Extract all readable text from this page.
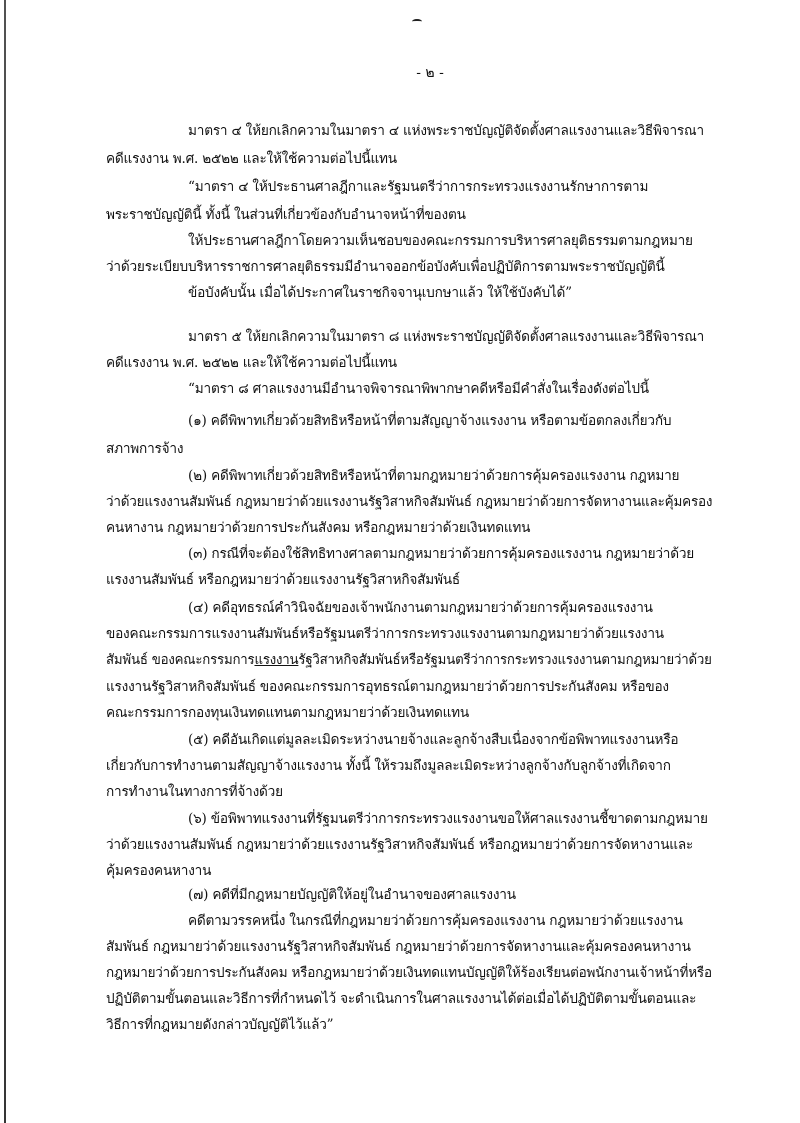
- ๒ -
มาตรา ๔ ให้ยกเลิกความในมาตรา ๔ แห่งพระราชบัญญัติจัดตั้งศาลแรงงานและวิธีพิจารณา
คดีแรงงาน พ.ศ. ๒๕๒๒ และให้ใช้ความต่อไปนี้แทน
“มาตรา ๔ ให้ประธานศาลฎีกาและรัฐมนตรีว่าการกระทรวงแรงงานรักษาการตาม
พระราชบัญญัตินี้ ทั้งนี้ ในส่วนที่เกี่ยวข้องกับอำนาจหน้าที่ของตน
ให้ประธานศาลฎีกาโดยความเห็นชอบของคณะกรรมการบริหารศาลยุติธรรมตามกฎหมาย
ว่าด้วยระเบียบบริหารราชการศาลยุติธรรมมีอำนาจออกข้อบังคับเพื่อปฏิบัติการตามพระราชบัญญัตินี้
ข้อบังคับนั้น เมื่อได้ประกาศในราชกิจจานุเบกษาแล้ว ให้ใช้บังคับได้”
มาตรา ๕ ให้ยกเลิกความในมาตรา ๘ แห่งพระราชบัญญัติจัดตั้งศาลแรงงานและวิธีพิจารณา
คดีแรงงาน พ.ศ. ๒๕๒๒ และให้ใช้ความต่อไปนี้แทน
“มาตรา ๘ ศาลแรงงานมีอำนาจพิจารณาพิพากษาคดีหรือมีคำสั่งในเรื่องดังต่อไปนี้
(๑) คดีพิพาทเกี่ยวด้วยสิทธิหรือหน้าที่ตามสัญญาจ้างแรงงาน หรือตามข้อตกลงเกี่ยวกับ
สภาพการจ้าง
(๒) คดีพิพาทเกี่ยวด้วยสิทธิหรือหน้าที่ตามกฎหมายว่าด้วยการคุ้มครองแรงงาน กฎหมาย
ว่าด้วยแรงงานสัมพันธ์ กฎหมายว่าด้วยแรงงานรัฐวิสาหกิจสัมพันธ์ กฎหมายว่าด้วยการจัดหางานและคุ้มครอง
คนหางาน กฎหมายว่าด้วยการประกันสังคม หรือกฎหมายว่าด้วยเงินทดแทน
(๓) กรณีที่จะต้องใช้สิทธิทางศาลตามกฎหมายว่าด้วยการคุ้มครองแรงงาน กฎหมายว่าด้วย
แรงงานสัมพันธ์ หรือกฎหมายว่าด้วยแรงงานรัฐวิสาหกิจสัมพันธ์
(๔) คดีอุทธรณ์คำวินิจฉัยของเจ้าพนักงานตามกฎหมายว่าด้วยการคุ้มครองแรงงาน
ของคณะกรรมการแรงงานสัมพันธ์หรือรัฐมนตรีว่าการกระทรวงแรงงานตามกฎหมายว่าด้วยแรงงาน
สัมพันธ์ ของคณะกรรมการแรงงานรัฐวิสาหกิจสัมพันธ์หรือรัฐมนตรีว่าการกระทรวงแรงงานตามกฎหมายว่าด้วย
แรงงานรัฐวิสาหกิจสัมพันธ์ ของคณะกรรมการอุทธรณ์ตามกฎหมายว่าด้วยการประกันสังคม หรือของ
คณะกรรมการกองทุนเงินทดแทนตามกฎหมายว่าด้วยเงินทดแทน
(๕) คดีอันเกิดแต่มูลละเมิดระหว่างนายจ้างและลูกจ้างสืบเนื่องจากข้อพิพาทแรงงานหรือ
เกี่ยวกับการทำงานตามสัญญาจ้างแรงงาน ทั้งนี้ ให้รวมถึงมูลละเมิดระหว่างลูกจ้างกับลูกจ้างที่เกิดจาก
การทำงานในทางการที่จ้างด้วย
(๖) ข้อพิพาทแรงงานที่รัฐมนตรีว่าการกระทรวงแรงงานขอให้ศาลแรงงานชี้ขาดตามกฎหมาย
ว่าด้วยแรงงานสัมพันธ์ กฎหมายว่าด้วยแรงงานรัฐวิสาหกิจสัมพันธ์ หรือกฎหมายว่าด้วยการจัดหางานและ
คุ้มครองคนหางาน
(๗) คดีที่มีกฎหมายบัญญัติให้อยู่ในอำนาจของศาลแรงงาน
คดีตามวรรคหนึ่ง ในกรณีที่กฎหมายว่าด้วยการคุ้มครองแรงงาน กฎหมายว่าด้วยแรงงาน
สัมพันธ์ กฎหมายว่าด้วยแรงงานรัฐวิสาหกิจสัมพันธ์ กฎหมายว่าด้วยการจัดหางานและคุ้มครองคนหางาน
กฎหมายว่าด้วยการประกันสังคม หรือกฎหมายว่าด้วยเงินทดแทนบัญญัติให้ร้องเรียนต่อพนักงานเจ้าหน้าที่หรือ
ปฏิบัติตามขั้นตอนและวิธีการที่กำหนดไว้ จะดำเนินการในศาลแรงงานได้ต่อเมื่อได้ปฏิบัติตามขั้นตอนและ
วิธีการที่กฎหมายดังกล่าวบัญญัติไว้แล้ว”
